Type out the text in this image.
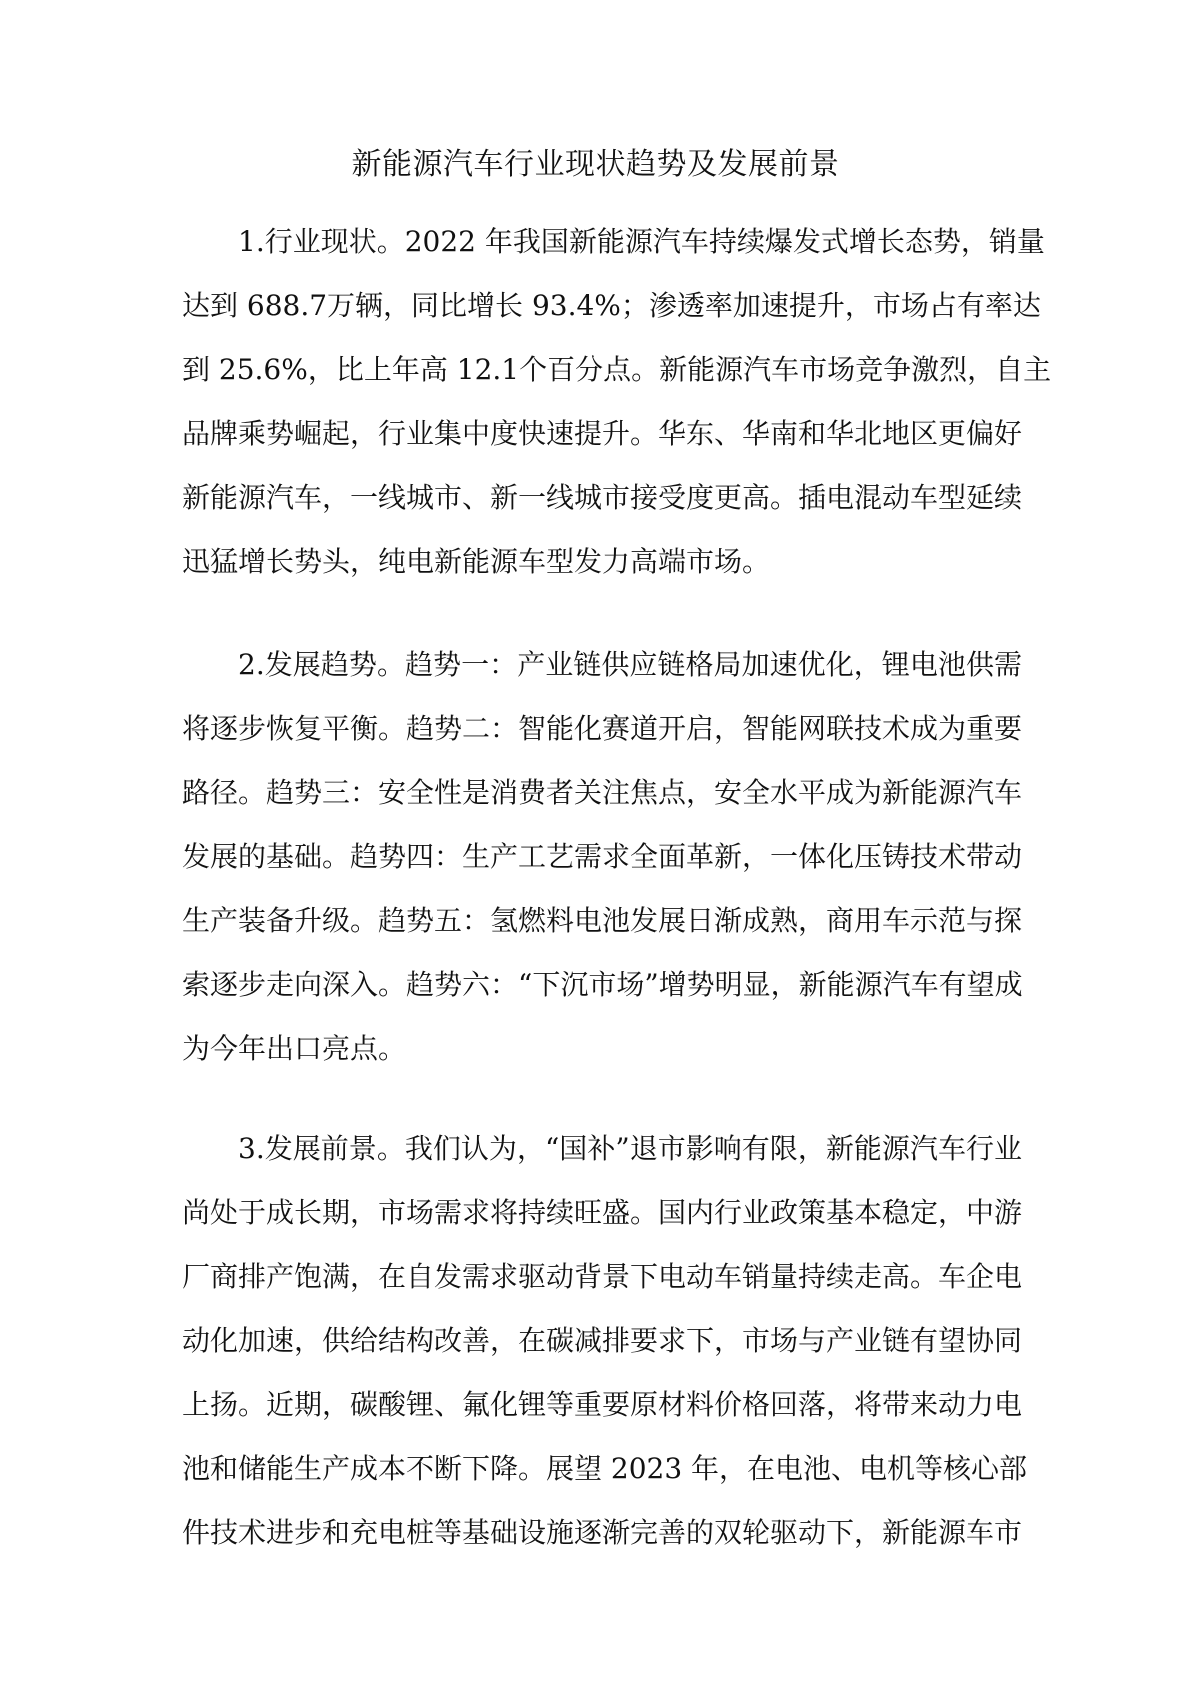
新能源汽车行业现状趋势及发展前景
1.行业现状。2022 年我国新能源汽车持续爆发式增长态势，销量
达到 688.7万辆，同比增长 93.4%；渗透率加速提升，市场占有率达
到 25.6%，比上年高 12.1个百分点。新能源汽车市场竞争激烈，自主
品牌乘势崛起，行业集中度快速提升。华东、华南和华北地区更偏好
新能源汽车，一线城市、新一线城市接受度更高。插电混动车型延续
迅猛增长势头，纯电新能源车型发力高端市场。
2.发展趋势。趋势一：产业链供应链格局加速优化，锂电池供需
将逐步恢复平衡。趋势二：智能化赛道开启，智能网联技术成为重要
路径。趋势三：安全性是消费者关注焦点，安全水平成为新能源汽车
发展的基础。趋势四：生产工艺需求全面革新，一体化压铸技术带动
生产装备升级。趋势五：氢燃料电池发展日渐成熟，商用车示范与探
索逐步走向深入。趋势六：“下沉市场”增势明显，新能源汽车有望成
为今年出口亮点。
3.发展前景。我们认为，“国补”退市影响有限，新能源汽车行业
尚处于成长期，市场需求将持续旺盛。国内行业政策基本稳定，中游
厂商排产饱满，在自发需求驱动背景下电动车销量持续走高。车企电
动化加速，供给结构改善，在碳减排要求下，市场与产业链有望协同
上扬。近期，碳酸锂、氟化锂等重要原材料价格回落，将带来动力电
池和储能生产成本不断下降。展望 2023 年，在电池、电机等核心部
件技术进步和充电桩等基础设施逐渐完善的双轮驱动下，新能源车市
